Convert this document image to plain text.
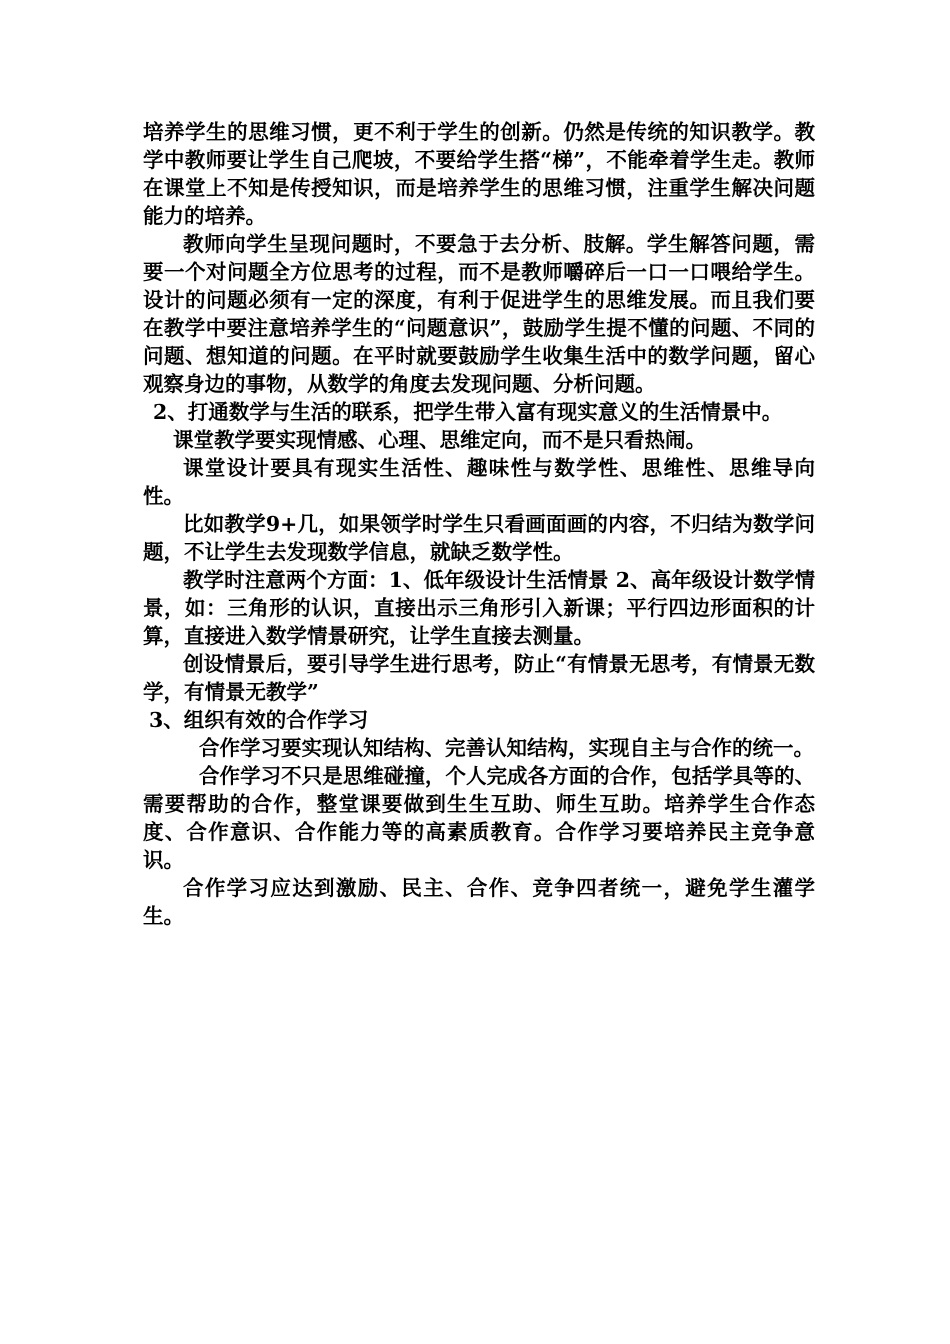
培养学生的思维习惯，更不利于学生的创新。仍然是传统的知识教学。教学中教师要让学生自己爬坡，不要给学生搭“梯”，不能牵着学生走。教师在课堂上不知是传授知识，而是培养学生的思维习惯，注重学生解决问题能力的培养。

教师向学生呈现问题时，不要急于去分析、肢解。学生解答问题，需要一个对问题全方位思考的过程，而不是教师嚼碎后一口一口喂给学生。设计的问题必须有一定的深度，有利于促进学生的思维发展。而且我们要在教学中要注意培养学生的“问题意识”，鼓励学生提不懂的问题、不同的问题、想知道的问题。在平时就要鼓励学生收集生活中的数学问题，留心观察身边的事物，从数学的角度去发现问题、分析问题。

2、打通数学与生活的联系，把学生带入富有现实意义的生活情景中。

课堂教学要实现情感、心理、思维定向，而不是只看热闹。

课堂设计要具有现实生活性、趣味性与数学性、思维性、思维导向性。

比如教学9+几，如果领学时学生只看画面画的内容，不归结为数学问题，不让学生去发现数学信息，就缺乏数学性。

教学时注意两个方面：1、低年级设计生活情景 2、高年级设计数学情景，如：三角形的认识，直接出示三角形引入新课；平行四边形面积的计算，直接进入数学情景研究，让学生直接去测量。

创设情景后，要引导学生进行思考，防止“有情景无思考，有情景无数学，有情景无教学”

3、组织有效的合作学习

合作学习要实现认知结构、完善认知结构，实现自主与合作的统一。

合作学习不只是思维碰撞，个人完成各方面的合作，包括学具等的、需要帮助的合作，整堂课要做到生生互助、师生互助。培养学生合作态度、合作意识、合作能力等的高素质教育。合作学习要培养民主竞争意识。

合作学习应达到激励、民主、合作、竞争四者统一，避免学生灌学生。
